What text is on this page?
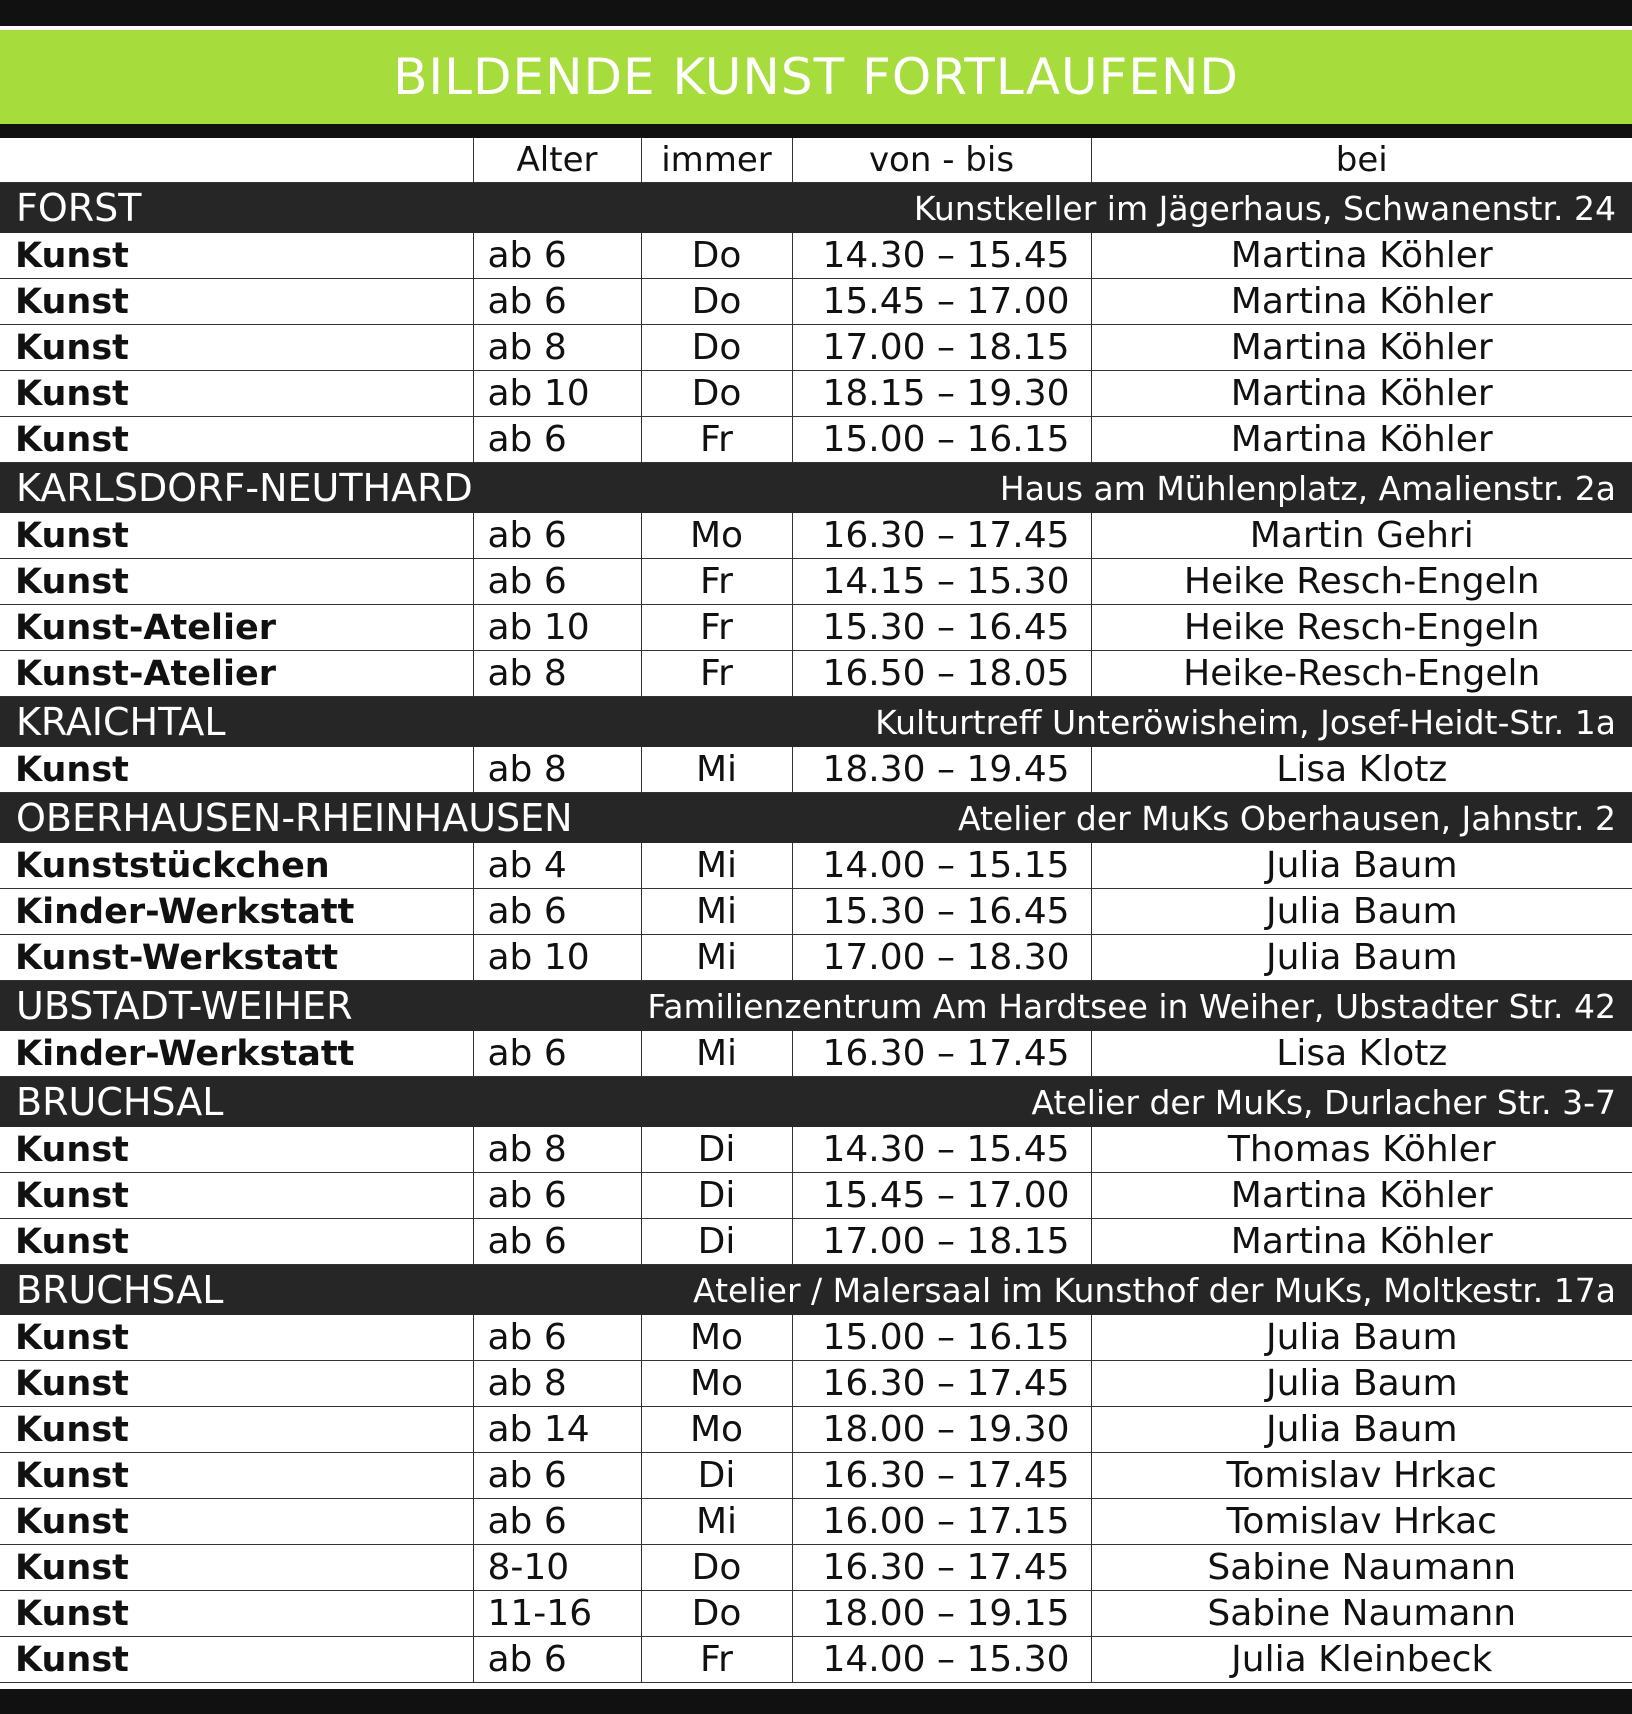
BILDENDE KUNST FORTLAUFEND
	Alter	immer	von - bis	bei

FORST Kunstkeller im Jägerhaus, Schwanenstr. 24				

Kunst	ab 6	Do	14.30 – 15.45	Martina Köhler
Kunst	ab 6	Do	15.45 – 17.00	Martina Köhler
Kunst	ab 8	Do	17.00 – 18.15	Martina Köhler
Kunst	ab 10	Do	18.15 – 19.30	Martina Köhler
Kunst	ab 6	Fr	15.00 – 16.15	Martina Köhler

KARLSDORF-NEUTHARD Haus am Mühlenplatz, Amalienstr. 2a				

Kunst	ab 6	Mo	16.30 – 17.45	Martin Gehri
Kunst	ab 6	Fr	14.15 – 15.30	Heike Resch-Engeln
Kunst-Atelier	ab 10	Fr	15.30 – 16.45	Heike Resch-Engeln
Kunst-Atelier	ab 8	Fr	16.50 – 18.05	Heike-Resch-Engeln

KRAICHTAL Kulturtreff Unteröwisheim, Josef-Heidt-Str. 1a				

Kunst	ab 8	Mi	18.30 – 19.45	Lisa Klotz

OBERHAUSEN-RHEINHAUSEN Atelier der MuKs Oberhausen, Jahnstr. 2				

Kunststückchen	ab 4	Mi	14.00 – 15.15	Julia Baum
Kinder-Werkstatt	ab 6	Mi	15.30 – 16.45	Julia Baum
Kunst-Werkstatt	ab 10	Mi	17.00 – 18.30	Julia Baum

UBSTADT-WEIHER Familienzentrum Am Hardtsee in Weiher, Ubstadter Str. 42				

Kinder-Werkstatt	ab 6	Mi	16.30 – 17.45	Lisa Klotz

BRUCHSAL Atelier der MuKs, Durlacher Str. 3-7				

Kunst	ab 8	Di	14.30 – 15.45	Thomas Köhler
Kunst	ab 6	Di	15.45 – 17.00	Martina Köhler
Kunst	ab 6	Di	17.00 – 18.15	Martina Köhler

BRUCHSAL Atelier / Malersaal im Kunsthof der MuKs, Moltkestr. 17a				

Kunst	ab 6	Mo	15.00 – 16.15	Julia Baum
Kunst	ab 8	Mo	16.30 – 17.45	Julia Baum
Kunst	ab 14	Mo	18.00 – 19.30	Julia Baum
Kunst	ab 6	Di	16.30 – 17.45	Tomislav Hrkac
Kunst	ab 6	Mi	16.00 – 17.15	Tomislav Hrkac
Kunst	8-10	Do	16.30 – 17.45	Sabine Naumann
Kunst	11-16	Do	18.00 – 19.15	Sabine Naumann
Kunst	ab 6	Fr	14.00 – 15.30	Julia Kleinbeck
